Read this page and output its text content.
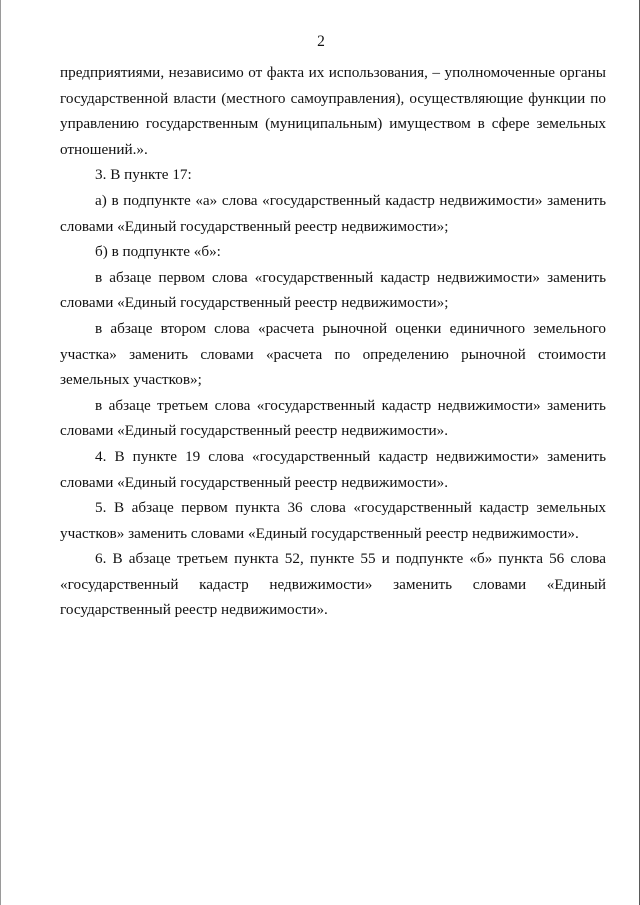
2

предприятиями, независимо от факта их использования, – уполномоченные органы государственной власти (местного самоуправления), осуществляющие функции по управлению государственным (муниципальным) имуществом в сфере земельных отношений.».

3. В пункте 17:

а) в подпункте «а» слова «государственный кадастр недвижимости» заменить словами «Единый государственный реестр недвижимости»;

б) в подпункте «б»:

в абзаце первом слова «государственный кадастр недвижимости» заменить словами «Единый государственный реестр недвижимости»;

в абзаце втором слова «расчета рыночной оценки единичного земельного участка» заменить словами «расчета по определению рыночной стоимости земельных участков»;

в абзаце третьем слова «государственный кадастр недвижимости» заменить словами «Единый государственный реестр недвижимости».

4. В пункте 19 слова «государственный кадастр недвижимости» заменить словами «Единый государственный реестр недвижимости».

5. В абзаце первом пункта 36 слова «государственный кадастр земельных участков» заменить словами «Единый государственный реестр недвижимости».

6. В абзаце третьем пункта 52, пункте 55 и подпункте «б» пункта 56 слова «государственный кадастр недвижимости» заменить словами «Единый государственный реестр недвижимости».
